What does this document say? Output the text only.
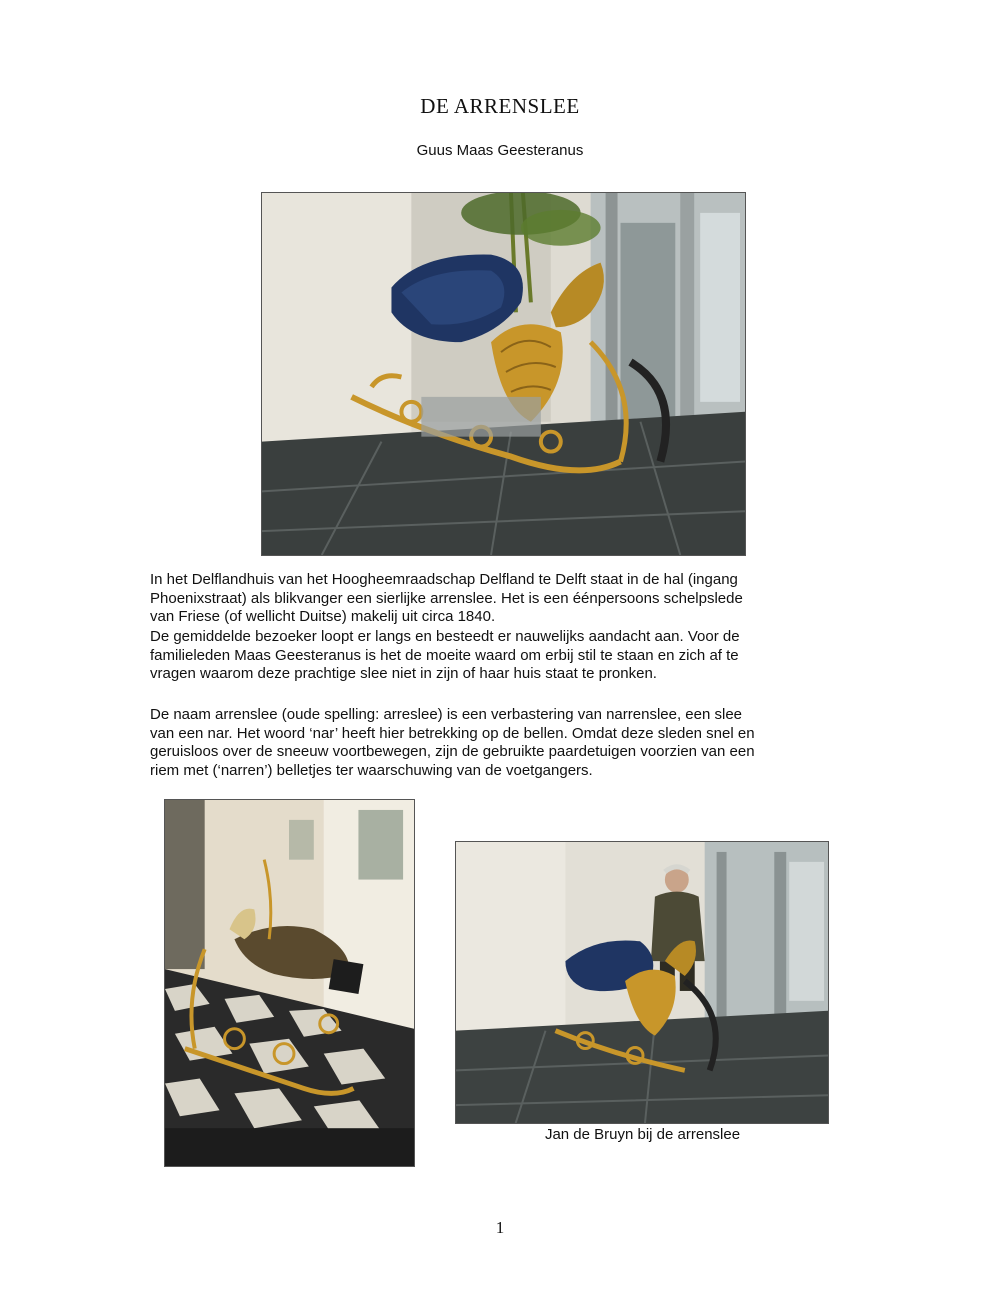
DE ARRENSLEE
Guus Maas Geesteranus

In het Delflandhuis van het Hoogheemraadschap Delfland te Delft staat in de hal (ingang

Phoenixstraat) als blikvanger een sierlijke arrenslee. Het is een éénpersoons schelpslede

van Friese (of wellicht Duitse) makelij uit circa 1840.

De gemiddelde bezoeker loopt er langs en besteedt er nauwelijks aandacht aan. Voor de

familieleden Maas Geesteranus is het de moeite waard om erbij stil te staan en zich af te

vragen waarom deze prachtige slee niet in zijn of haar huis staat te pronken.

De naam arrenslee (oude spelling: arreslee) is een verbastering van narrenslee, een slee

van een nar. Het woord ‘nar’ heeft hier betrekking op de bellen. Omdat deze sleden snel en

geruisloos over de sneeuw voortbewegen, zijn de gebruikte paardetuigen voorzien van een

riem met (‘narren’) belletjes ter waarschuwing van de voetgangers.

Jan de Bruyn bij de arrenslee
1
